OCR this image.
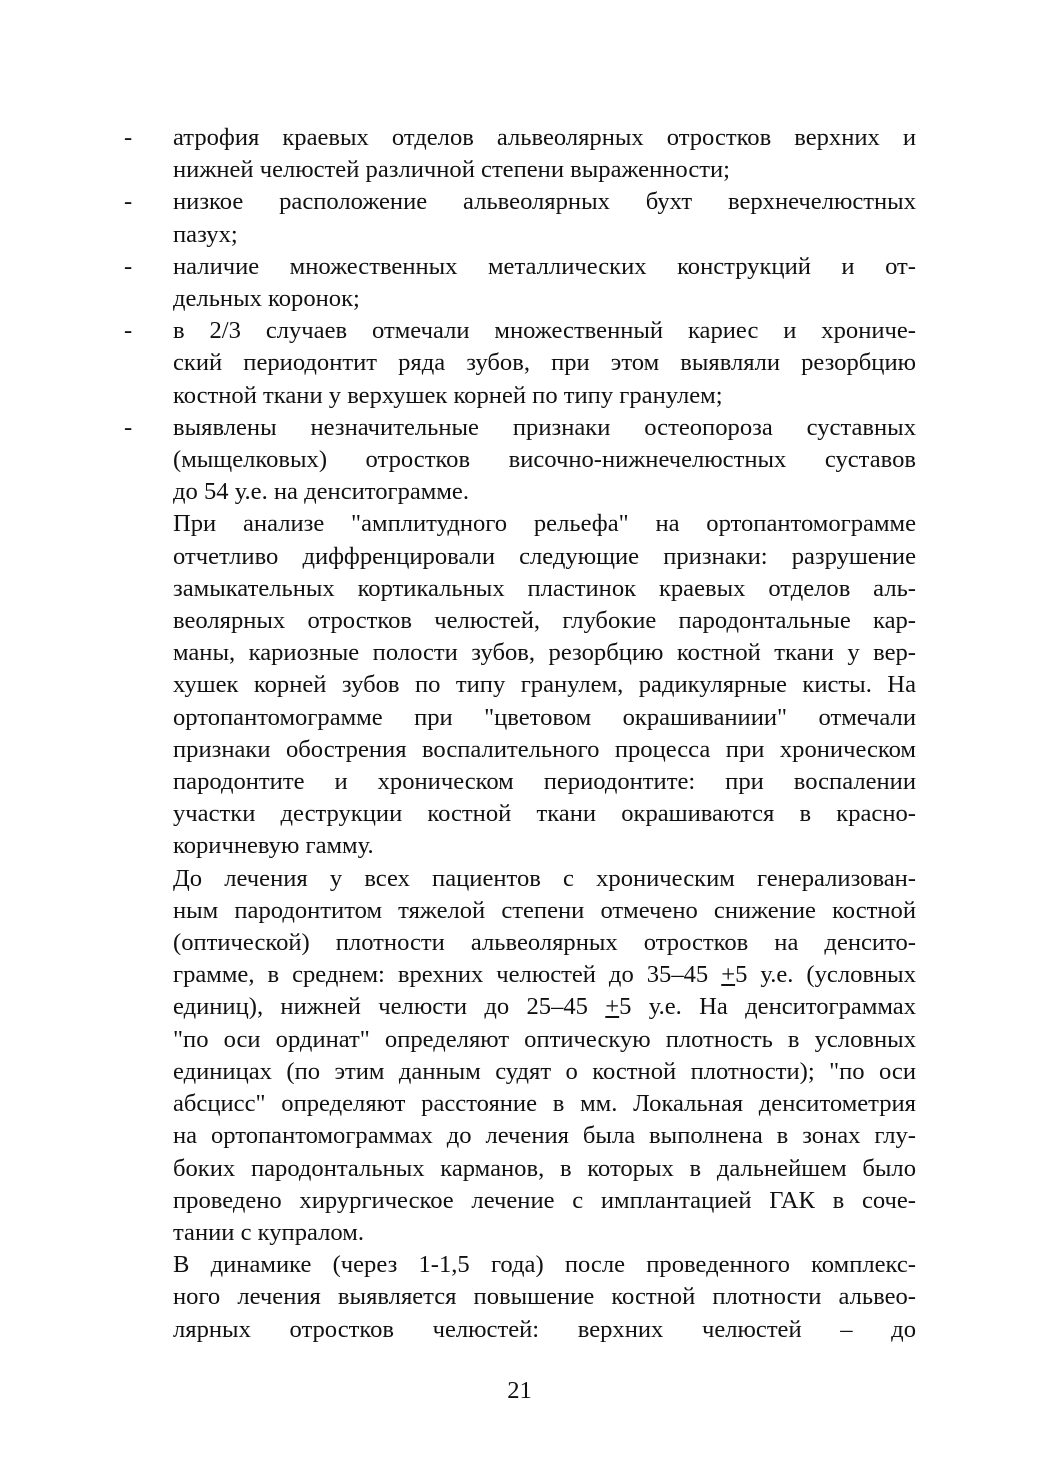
- атрофия краевых отделов альвеолярных отростков верхних и
нижней челюстей различной степени выраженности;
- низкое расположение альвеолярных бухт верхнечелюстных
пазух;
- наличие множественных металлических конструкций и от-
дельных коронок;
- в 2/3 случаев отмечали множественный кариес и хрониче-
ский периодонтит ряда зубов, при этом выявляли резорбцию
костной ткани у верхушек корней по типу гранулем;
- выявлены незначительные признаки остеопороза суставных
(мыщелковых) отростков височно-нижнечелюстных суставов
до 54 у.е. на денситограмме.
При анализе "амплитудного рельефа" на ортопантомограмме
отчетливо диффренцировали следующие признаки: разрушение
замыкательных кортикальных пластинок краевых отделов аль-
веолярных отростков челюстей, глубокие пародонтальные кар-
маны, кариозные полости зубов, резорбцию костной ткани у вер-
хушек корней зубов по типу гранулем, радикулярные кисты. На
ортопантомограмме при "цветовом окрашиваниии" отмечали
признаки обострения воспалительного процесса при хроническом
пародонтите и хроническом периодонтите: при воспалении
участки деструкции костной ткани окрашиваются в красно-
коричневую гамму.
До лечения у всех пациентов с хроническим генерализован-
ным пародонтитом тяжелой степени отмечено снижение костной
(оптической) плотности альвеолярных отростков на денсито-
грамме, в среднем: врехних челюстей до 35–45 +5 у.е. (условных
единиц), нижней челюсти до 25–45 +5 у.е. На денситограммах
"по оси ординат" определяют оптическую плотность в условных
единицах (по этим данным судят о костной плотности); "по оси
абсцисс" определяют расстояние в мм. Локальная денситометрия
на ортопантомограммах до лечения была выполнена в зонах глу-
боких пародонтальных карманов, в которых в дальнейшем было
проведено хирургическое лечение с имплантацией ГАК в соче-
тании с купралом.
В динамике (через 1-1,5 года) после проведенного комплекс-
ного лечения выявляется повышение костной плотности альвео-
лярных отростков челюстей: верхних челюстей – до
21
